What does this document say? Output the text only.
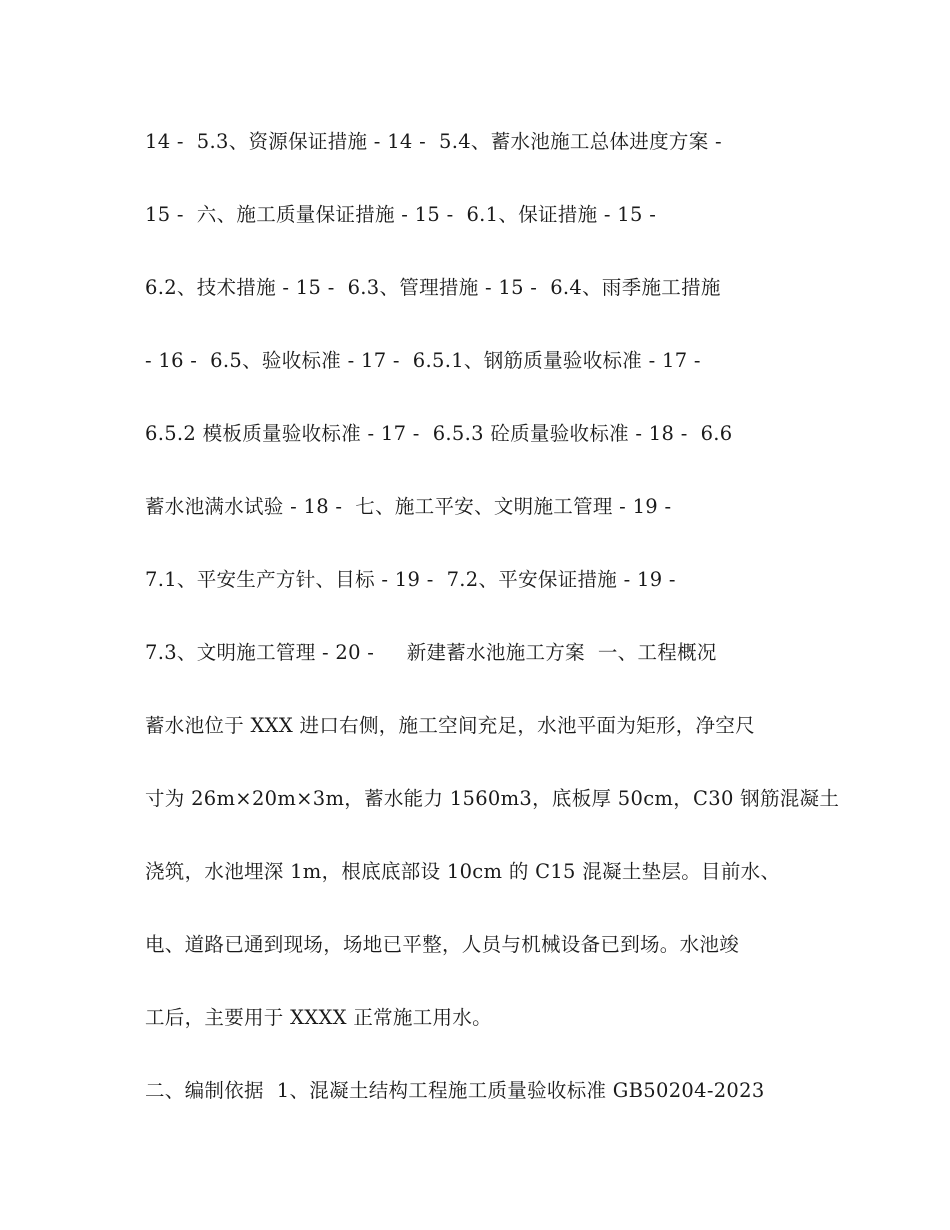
14 -  5.3、资源保证措施 - 14 -  5.4、蓄水池施工总体进度方案 -
15 -  六、施工质量保证措施 - 15 -  6.1、保证措施 - 15 -
6.2、技术措施 - 15 -  6.3、管理措施 - 15 -  6.4、雨季施工措施
- 16 -  6.5、验收标准 - 17 -  6.5.1、钢筋质量验收标准 - 17 -
6.5.2 模板质量验收标准 - 17 -  6.5.3 砼质量验收标准 - 18 -  6.6
蓄水池满水试验 - 18 -  七、施工平安、文明施工管理 - 19 -
7.1、平安生产方针、目标 - 19 -  7.2、平安保证措施 - 19 -
7.3、文明施工管理 - 20 -     新建蓄水池施工方案  一、工程概况
蓄水池位于 XXX 进口右侧，施工空间充足，水池平面为矩形，净空尺
寸为 26m×20m×3m，蓄水能力 1560m3，底板厚 50cm，C30 钢筋混凝土
浇筑，水池埋深 1m，根底底部设 10cm 的 C15 混凝土垫层。目前水、
电、道路已通到现场，场地已平整，人员与机械设备已到场。水池竣
工后，主要用于 XXXX 正常施工用水。
二、编制依据  1、混凝土结构工程施工质量验收标准 GB50204-2023
